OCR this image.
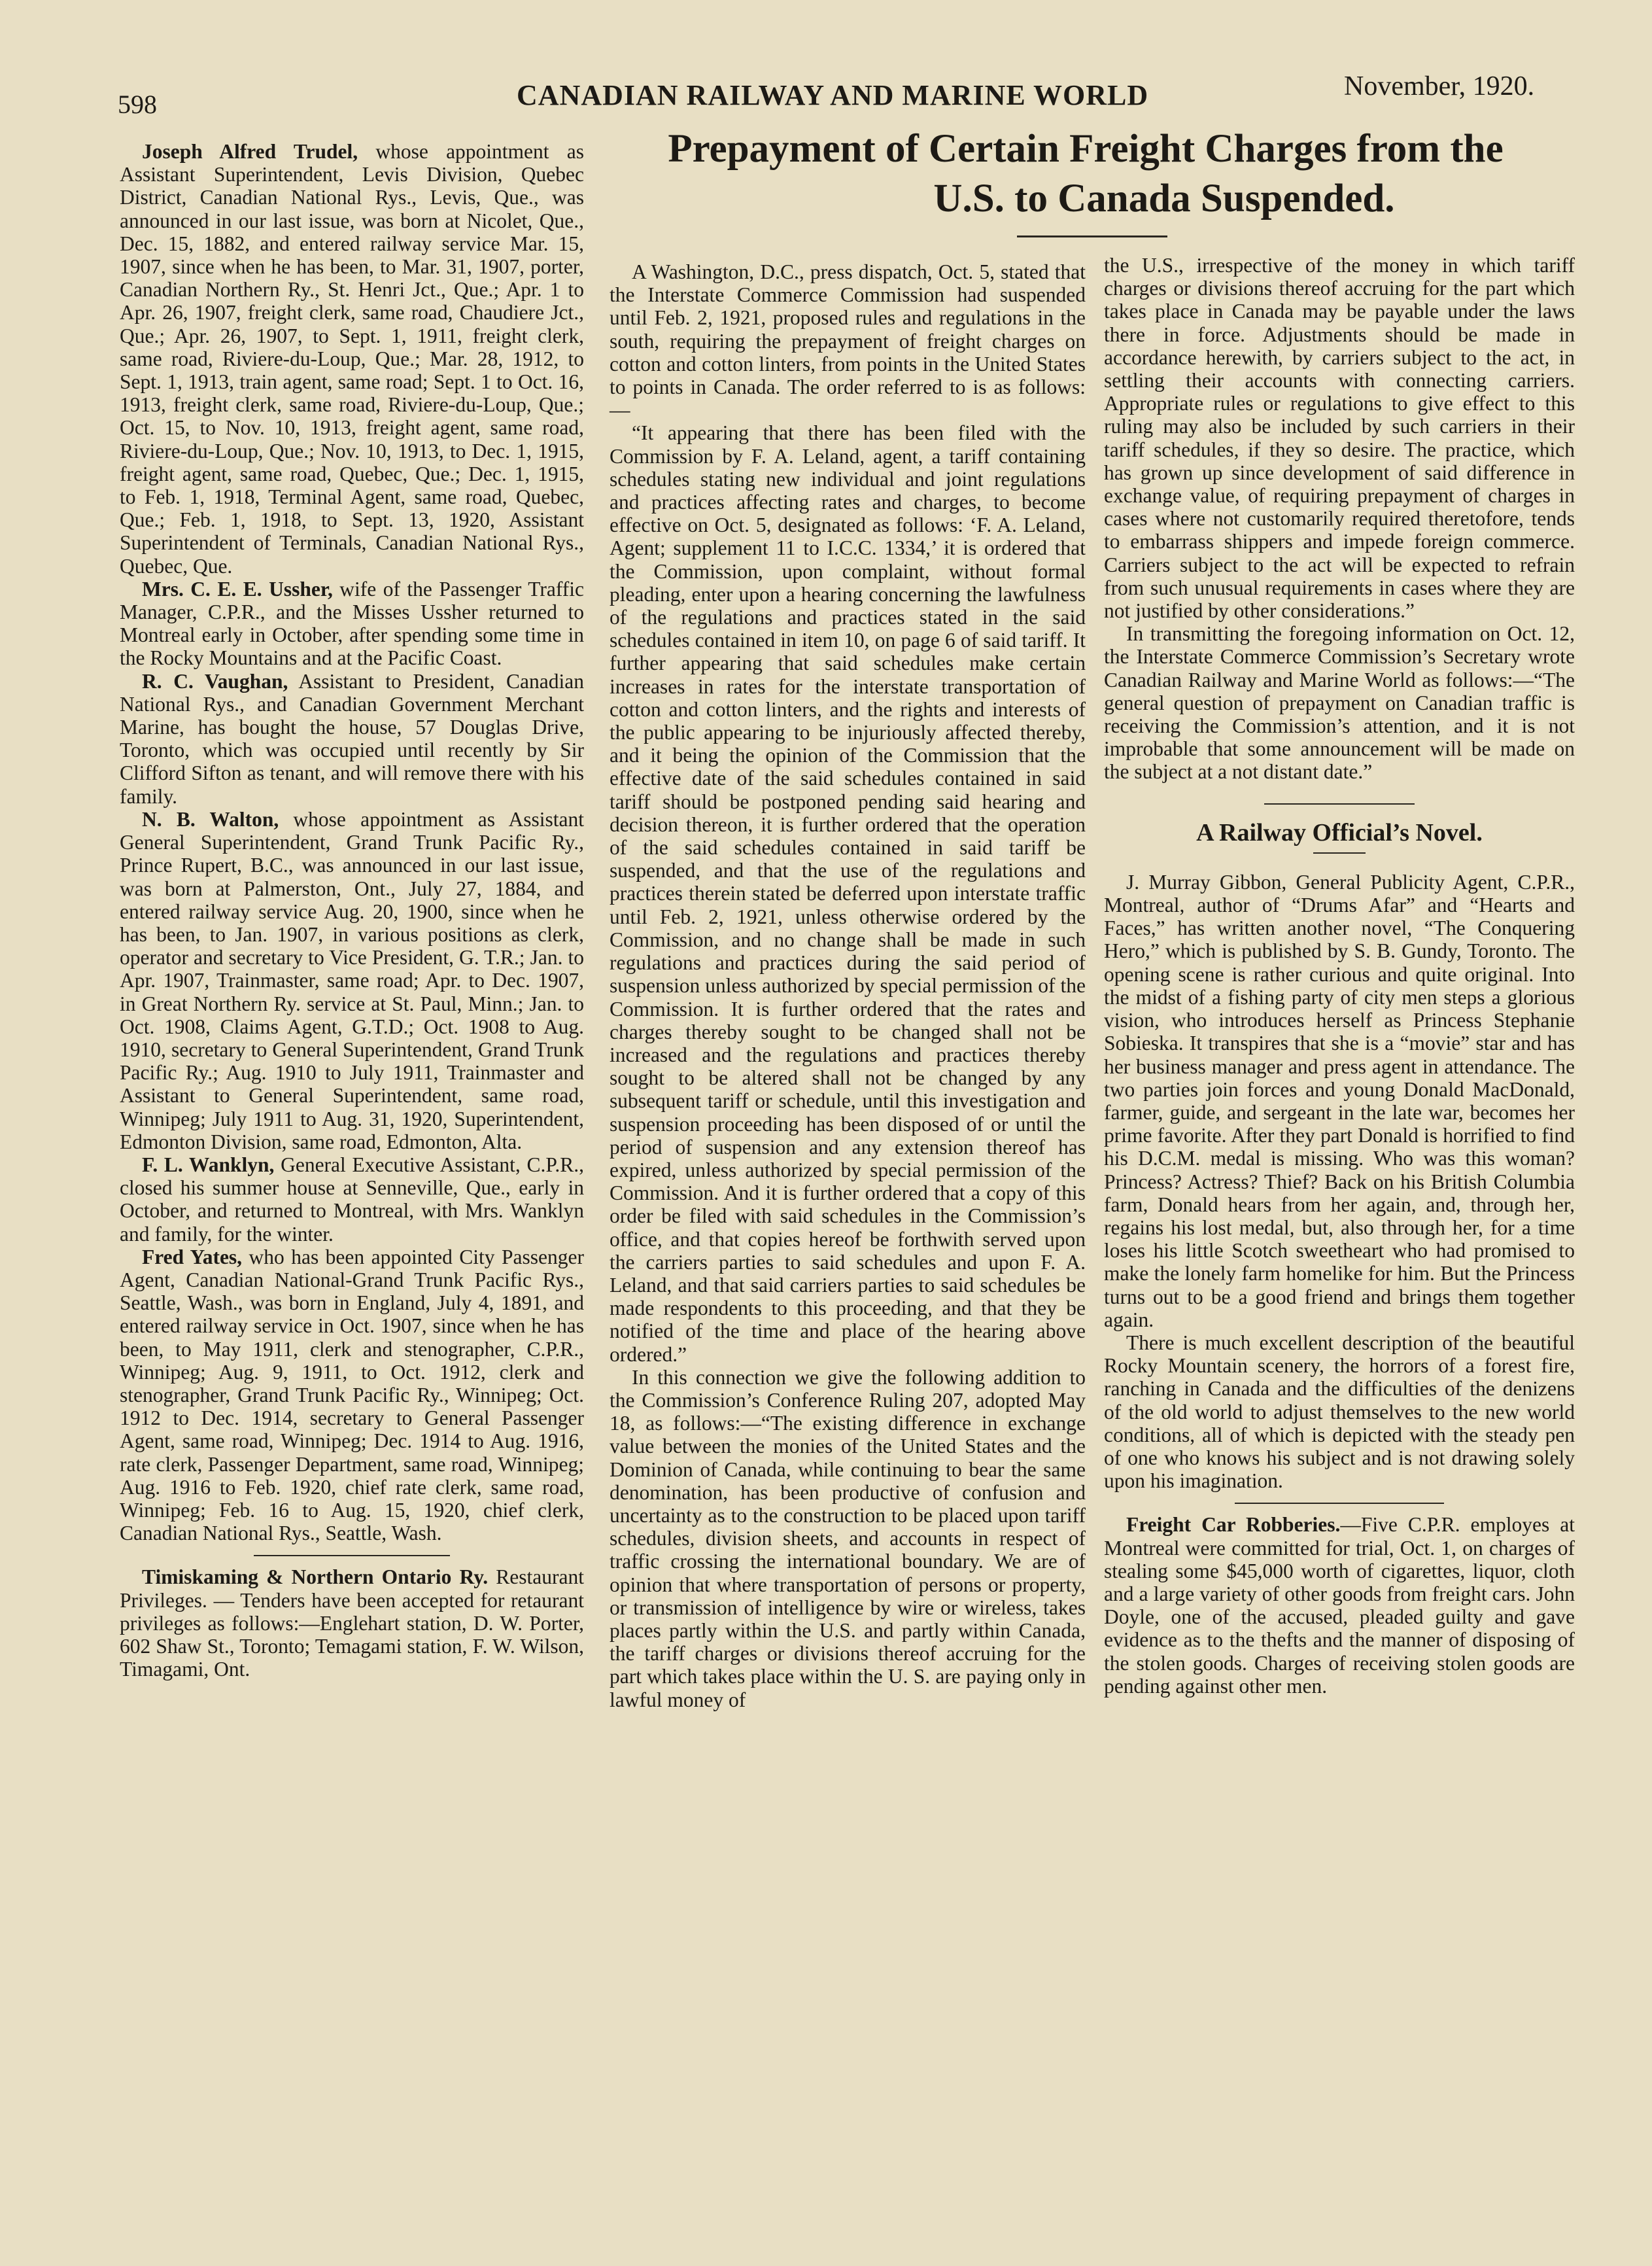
598	CANADIAN RAILWAY AND MARINE WORLD	November, 1920.
Prepayment of Certain Freight Charges from the
U.S. to Canada Suspended.

Joseph Alfred Trudel, whose appointment as Assistant Superintendent, Levis Division, Quebec District, Canadian National Rys., Levis, Que., was announced in our last issue, was born at Nicolet, Que., Dec. 15, 1882, and entered railway service Mar. 15, 1907, since when he has been, to Mar. 31, 1907, porter, Canadian Northern Ry., St. Henri Jct., Que.; Apr. 1 to Apr. 26, 1907, freight clerk, same road, Chaudiere Jct., Que.; Apr. 26, 1907, to Sept. 1, 1911, freight clerk, same road, Riviere-du-Loup, Que.; Mar. 28, 1912, to Sept. 1, 1913, train agent, same road; Sept. 1 to Oct. 16, 1913, freight clerk, same road, Riviere-du-Loup, Que.; Oct. 15, to Nov. 10, 1913, freight agent, same road, Riviere-du-Loup, Que.; Nov. 10, 1913, to Dec. 1, 1915, freight agent, same road, Quebec, Que.; Dec. 1, 1915, to Feb. 1, 1918, Terminal Agent, same road, Quebec, Que.; Feb. 1, 1918, to Sept. 13, 1920, Assistant Superintendent of Terminals, Canadian National Rys., Quebec, Que.

Mrs. C. E. E. Ussher, wife of the Passenger Traffic Manager, C.P.R., and the Misses Ussher returned to Montreal early in October, after spending some time in the Rocky Mountains and at the Pacific Coast.

R. C. Vaughan, Assistant to President, Canadian National Rys., and Canadian Government Merchant Marine, has bought the house, 57 Douglas Drive, Toronto, which was occupied until recently by Sir Clifford Sifton as tenant, and will remove there with his family.

N. B. Walton, whose appointment as Assistant General Superintendent, Grand Trunk Pacific Ry., Prince Rupert, B.C., was announced in our last issue, was born at Palmerston, Ont., July 27, 1884, and entered railway service Aug. 20, 1900, since when he has been, to Jan. 1907, in various positions as clerk, operator and secretary to Vice President, G. T.R.; Jan. to Apr. 1907, Trainmaster, same road; Apr. to Dec. 1907, in Great Northern Ry. service at St. Paul, Minn.; Jan. to Oct. 1908, Claims Agent, G.T.D.; Oct. 1908 to Aug. 1910, secretary to General Superintendent, Grand Trunk Pacific Ry.; Aug. 1910 to July 1911, Trainmaster and Assistant to General Superintendent, same road, Winnipeg; July 1911 to Aug. 31, 1920, Superintendent, Edmonton Division, same road, Edmonton, Alta.

F. L. Wanklyn, General Executive Assistant, C.P.R., closed his summer house at Senneville, Que., early in October, and returned to Montreal, with Mrs. Wanklyn and family, for the winter.

Fred Yates, who has been appointed City Passenger Agent, Canadian National-Grand Trunk Pacific Rys., Seattle, Wash., was born in England, July 4, 1891, and entered railway service in Oct. 1907, since when he has been, to May 1911, clerk and stenographer, C.P.R., Winnipeg; Aug. 9, 1911, to Oct. 1912, clerk and stenographer, Grand Trunk Pacific Ry., Winnipeg; Oct. 1912 to Dec. 1914, secretary to General Passenger Agent, same road, Winnipeg; Dec. 1914 to Aug. 1916, rate clerk, Passenger Department, same road, Winnipeg; Aug. 1916 to Feb. 1920, chief rate clerk, same road, Winnipeg; Feb. 16 to Aug. 15, 1920, chief clerk, Canadian National Rys., Seattle, Wash.

Timiskaming & Northern Ontario Ry. Restaurant Privileges. — Tenders have been accepted for retaurant privileges as follows:—Englehart station, D. W. Porter, 602 Shaw St., Toronto; Temagami station, F. W. Wilson, Timagami, Ont.

A Washington, D.C., press dispatch, Oct. 5, stated that the Interstate Commerce Commission had suspended until Feb. 2, 1921, proposed rules and regulations in the south, requiring the prepayment of freight charges on cotton and cotton linters, from points in the United States to points in Canada. The order referred to is as follows:—

“It appearing that there has been filed with the Commission by F. A. Leland, agent, a tariff containing schedules stating new individual and joint regulations and practices affecting rates and charges, to become effective on Oct. 5, designated as follows: ‘F. A. Leland, Agent; supplement 11 to I.C.C. 1334,’ it is ordered that the Commission, upon complaint, without formal pleading, enter upon a hearing concerning the lawfulness of the regulations and practices stated in the said schedules contained in item 10, on page 6 of said tariff. It further appearing that said schedules make certain increases in rates for the interstate transportation of cotton and cotton linters, and the rights and interests of the public appearing to be injuriously affected thereby, and it being the opinion of the Commission that the effective date of the said schedules contained in said tariff should be postponed pending said hearing and decision thereon, it is further ordered that the operation of the said schedules contained in said tariff be suspended, and that the use of the regulations and practices therein stated be deferred upon interstate traffic until Feb. 2, 1921, unless otherwise ordered by the Commission, and no change shall be made in such regulations and practices during the said period of suspension unless authorized by special permission of the Commission. It is further ordered that the rates and charges thereby sought to be changed shall not be increased and the regulations and practices thereby sought to be altered shall not be changed by any subsequent tariff or schedule, until this investigation and suspension proceeding has been disposed of or until the period of suspension and any extension thereof has expired, unless authorized by special permission of the Commission. And it is further ordered that a copy of this order be filed with said schedules in the Commission’s office, and that copies hereof be forthwith served upon the carriers parties to said schedules and upon F. A. Leland, and that said carriers parties to said schedules be made respondents to this proceeding, and that they be notified of the time and place of the hearing above ordered.”

In this connection we give the following addition to the Commission’s Conference Ruling 207, adopted May 18, as follows:—“The existing difference in exchange value between the monies of the United States and the Dominion of Canada, while continuing to bear the same denomination, has been productive of confusion and uncertainty as to the construction to be placed upon tariff schedules, division sheets, and accounts in respect of traffic crossing the international boundary. We are of opinion that where transportation of persons or property, or transmission of intelligence by wire or wireless, takes places partly within the U.S. and partly within Canada, the tariff charges or divisions thereof accruing for the part which takes place within the U. S. are paying only in lawful money of

the U.S., irrespective of the money in which tariff charges or divisions thereof accruing for the part which takes place in Canada may be payable under the laws there in force. Adjustments should be made in accordance herewith, by carriers subject to the act, in settling their accounts with connecting carriers. Appropriate rules or regulations to give effect to this ruling may also be included by such carriers in their tariff schedules, if they so desire. The practice, which has grown up since development of said difference in exchange value, of requiring prepayment of charges in cases where not customarily required theretofore, tends to embarrass shippers and impede foreign commerce. Carriers subject to the act will be expected to refrain from such unusual requirements in cases where they are not justified by other considerations.”

In transmitting the foregoing information on Oct. 12, the Interstate Commerce Commission’s Secretary wrote Canadian Railway and Marine World as follows:—“The general question of prepayment on Canadian traffic is receiving the Commission’s attention, and it is not improbable that some announcement will be made on the subject at a not distant date.”

A Railway Official’s Novel.

J. Murray Gibbon, General Publicity Agent, C.P.R., Montreal, author of “Drums Afar” and “Hearts and Faces,” has written another novel, “The Conquering Hero,” which is published by S. B. Gundy, Toronto. The opening scene is rather curious and quite original. Into the midst of a fishing party of city men steps a glorious vision, who introduces herself as Princess Stephanie Sobieska. It transpires that she is a “movie” star and has her business manager and press agent in attendance. The two parties join forces and young Donald MacDonald, farmer, guide, and sergeant in the late war, becomes her prime favorite. After they part Donald is horrified to find his D.C.M. medal is missing. Who was this woman? Princess? Actress? Thief? Back on his British Columbia farm, Donald hears from her again, and, through her, regains his lost medal, but, also through her, for a time loses his little Scotch sweetheart who had promised to make the lonely farm homelike for him. But the Princess turns out to be a good friend and brings them together again.

There is much excellent description of the beautiful Rocky Mountain scenery, the horrors of a forest fire, ranching in Canada and the difficulties of the denizens of the old world to adjust themselves to the new world conditions, all of which is depicted with the steady pen of one who knows his subject and is not drawing solely upon his imagination.

Freight Car Robberies.—Five C.P.R. employes at Montreal were committed for trial, Oct. 1, on charges of stealing some $45,000 worth of cigarettes, liquor, cloth and a large variety of other goods from freight cars. John Doyle, one of the accused, pleaded guilty and gave evidence as to the thefts and the manner of disposing of the stolen goods. Charges of receiving stolen goods are pending against other men.
